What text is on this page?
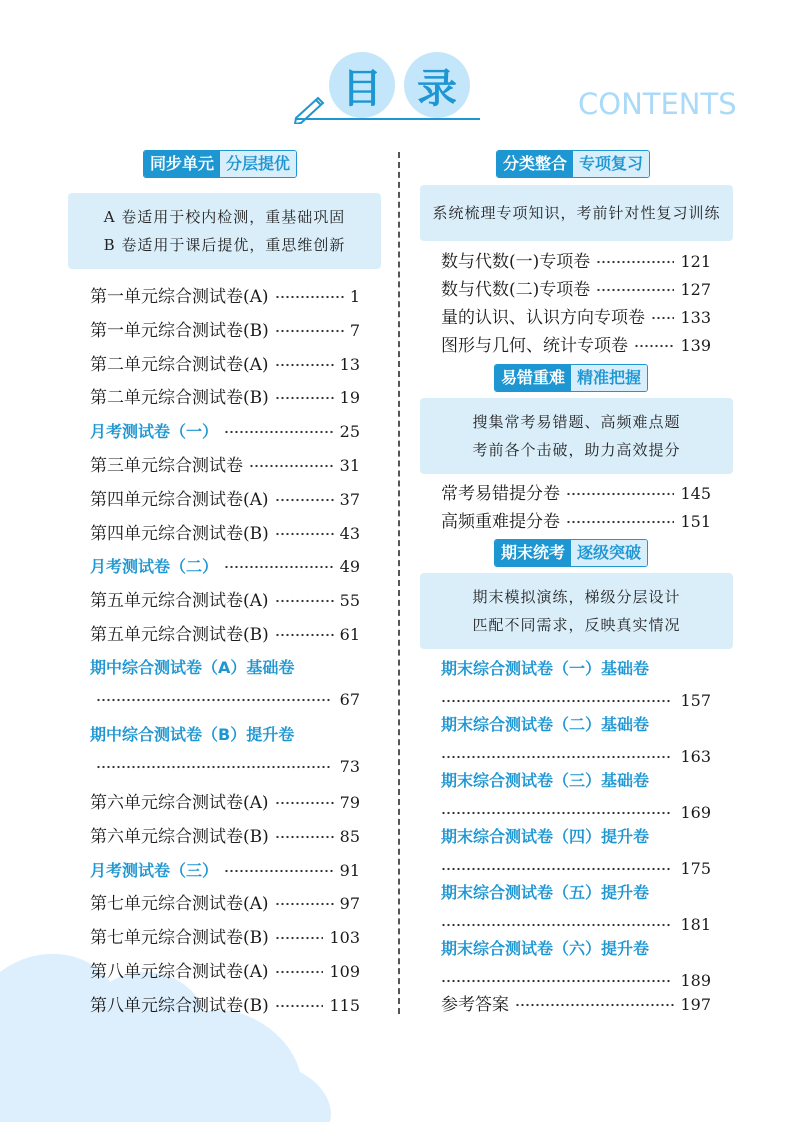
目 录	CONTENTS
同步单元 分层提优
A 卷适用于校内检测，重基础巩固
B 卷适用于课后提优，重思维创新
第一单元综合测试卷(A)	1
第一单元综合测试卷(B)	7
第二单元综合测试卷(A)	13
第二单元综合测试卷(B)	19
月考测试卷（一）	25
第三单元综合测试卷	31
第四单元综合测试卷(A)	37
第四单元综合测试卷(B)	43
月考测试卷（二）	49
第五单元综合测试卷(A)	55
第五单元综合测试卷(B)	61
期中综合测试卷（A）基础卷
67
期中综合测试卷（B）提升卷
73
第六单元综合测试卷(A)	79
第六单元综合测试卷(B)	85
月考测试卷（三）	91
第七单元综合测试卷(A)	97
第七单元综合测试卷(B)	103
第八单元综合测试卷(A)	109
第八单元综合测试卷(B)	115
分类整合 专项复习
系统梳理专项知识，考前针对性复习训练
易错重难 精准把握
搜集常考易错题、高频难点题
考前各个击破，助力高效提分
期末统考 逐级突破
期末模拟演练，梯级分层设计
匹配不同需求，反映真实情况
数与代数(一)专项卷	121
数与代数(二)专项卷	127
量的认识、认识方向专项卷 133
图形与几何、统计专项卷	139
常考易错提分卷	145
高频重难提分卷	151
期末综合测试卷（一）基础卷
157
期末综合测试卷（二）基础卷
163
期末综合测试卷（三）基础卷
169
期末综合测试卷（四）提升卷
175
期末综合测试卷（五）提升卷
181
期末综合测试卷（六）提升卷
189
参考答案	197
